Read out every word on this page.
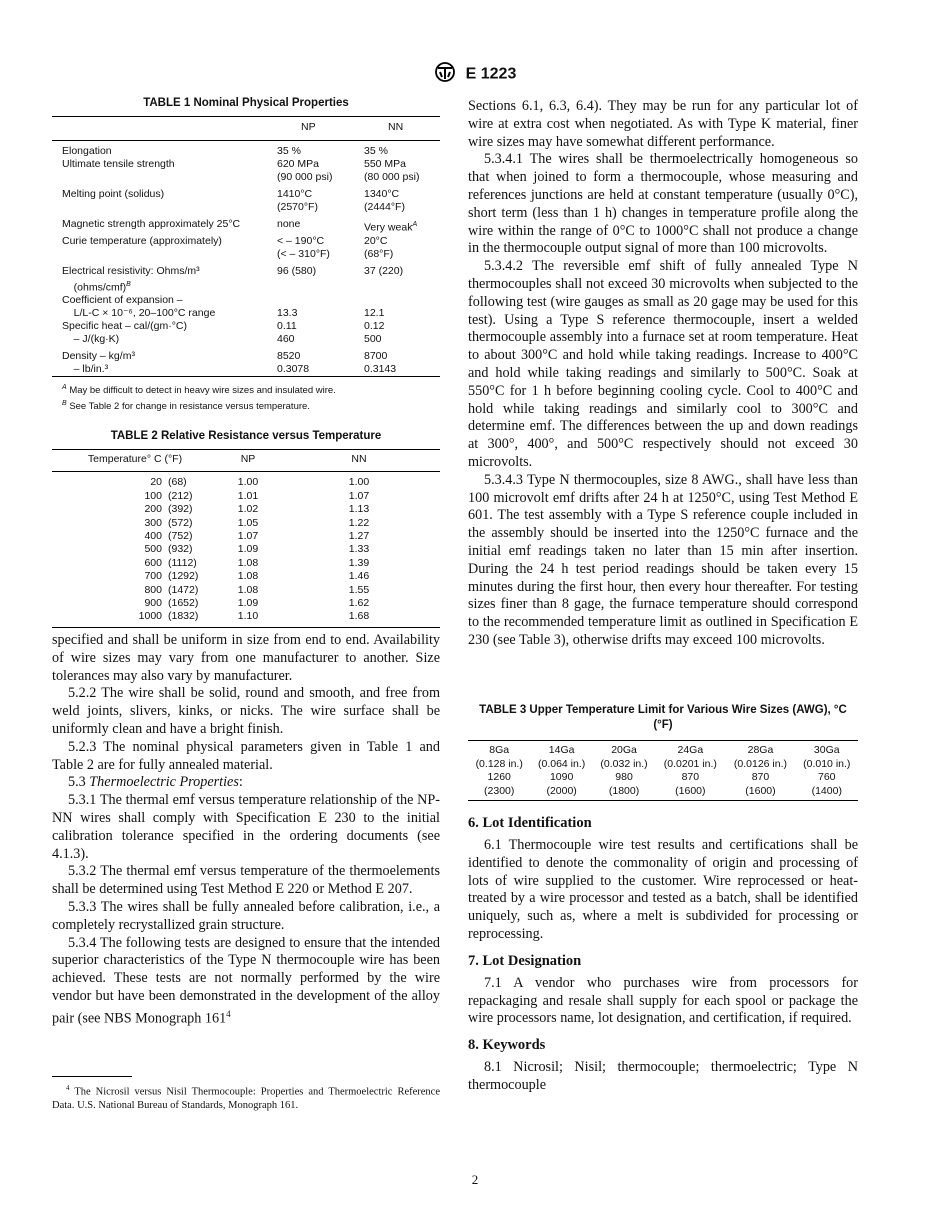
E 1223

TABLE 1 Nominal Physical Properties

	NP	NN
Elongation	35 %	35 %
Ultimate tensile strength	620 MPa	550 MPa
	(90 000 psi)	(80 000 psi)
Melting point (solidus)	1410°C	1340°C
	(2570°F)	(2444°F)
Magnetic strength approximately 25°C	none	Very weak$^A$
Curie temperature (approximately)	< – 190°C	20°C
	(< – 310°F)	(68°F)
Electrical resistivity: Ohms/m³	96 (580)	37 (220)
(ohms/cmf)$^B$		
Coefficient of expansion –		
L/L-C × 10⁻⁶, 20–100°C range	13.3	12.1
Specific heat – cal/(gm·°C)	0.11	0.12
– J/(kg·K)	460	500
Density – kg/m³	8520	8700
– lb/in.³	0.3078	0.3143
$^A$ May be difficult to detect in heavy wire sizes and insulated wire.
$^B$ See Table 2 for change in resistance versus temperature.

TABLE 2 Relative Resistance versus Temperature

Temperature° C (°F)		NP	NN
20	(68)	1.00	1.00
100	(212)	1.01	1.07
200	(392)	1.02	1.13
300	(572)	1.05	1.22
400	(752)	1.07	1.27
500	(932)	1.09	1.33
600	(1112)	1.08	1.39
700	(1292)	1.08	1.46
800	(1472)	1.08	1.55
900	(1652)	1.09	1.62
1000	(1832)	1.10	1.68

specified and shall be uniform in size from end to end. Availability of wire sizes may vary from one manufacturer to another. Size tolerances may also vary by manufacturer.

5.2.2 The wire shall be solid, round and smooth, and free from weld joints, slivers, kinks, or nicks. The wire surface shall be uniformly clean and have a bright finish.

5.2.3 The nominal physical parameters given in Table 1 and Table 2 are for fully annealed material.

5.3 Thermoelectric Properties:

5.3.1 The thermal emf versus temperature relationship of the NP-NN wires shall comply with Specification E 230 to the initial calibration tolerance specified in the ordering documents (see 4.1.3).

5.3.2 The thermal emf versus temperature of the thermoelements shall be determined using Test Method E 220 or Method E 207.

5.3.3 The wires shall be fully annealed before calibration, i.e., a completely recrystallized grain structure.

5.3.4 The following tests are designed to ensure that the intended superior characteristics of the Type N thermocouple wire has been achieved. These tests are not normally performed by the wire vendor but have been demonstrated in the development of the alloy pair (see NBS Monograph $161^4$

$^4$ The Nicrosil versus Nisil Thermocouple: Properties and Thermoelectric Reference Data. U.S. National Bureau of Standards, Monograph 161.

Sections 6.1, 6.3, 6.4). They may be run for any particular lot of wire at extra cost when negotiated. As with Type K material, finer wire sizes may have somewhat different performance.

5.3.4.1 The wires shall be thermoelectrically homogeneous so that when joined to form a thermocouple, whose measuring and references junctions are held at constant temperature (usually 0°C), short term (less than 1 h) changes in temperature profile along the wire within the range of 0°C to 1000°C shall not produce a change in the thermocouple output signal of more than 100 microvolts.

5.3.4.2 The reversible emf shift of fully annealed Type N thermocouples shall not exceed 30 microvolts when subjected to the following test (wire gauges as small as 20 gage may be used for this test). Using a Type S reference thermocouple, insert a welded thermocouple assembly into a furnace set at room temperature. Heat to about 300°C and hold while taking readings. Increase to 400°C and hold while taking readings and similarly to 500°C. Soak at 550°C for 1 h before beginning cooling cycle. Cool to 400°C and hold while taking readings and similarly cool to 300°C and determine emf. The differences between the up and down readings at 300°, 400°, and 500°C respectively should not exceed 30 microvolts.

5.3.4.3 Type N thermocouples, size 8 AWG., shall have less than 100 microvolt emf drifts after 24 h at 1250°C, using Test Method E 601. The test assembly with a Type S reference couple included in the assembly should be inserted into the 1250°C furnace and the initial emf readings taken no later than 15 min after insertion. During the 24 h test period readings should be taken every 15 minutes during the first hour, then every hour thereafter. For testing sizes finer than 8 gage, the furnace temperature should correspond to the recommended temperature limit as outlined in Specification E 230 (see Table 3), otherwise drifts may exceed 100 microvolts.

TABLE 3 Upper Temperature Limit for Various Wire Sizes (AWG), °C (°F)

8Ga	14Ga	20Ga	24Ga	28Ga	30Ga
(0.128 in.)	(0.064 in.)	(0.032 in.)	(0.0201 in.)	(0.0126 in.)	(0.010 in.)
1260	1090	980	870	870	760
(2300)	(2000)	(1800)	(1600)	(1600)	(1400)

6. Lot Identification

6.1 Thermocouple wire test results and certifications shall be identified to denote the commonality of origin and processing of lots of wire supplied to the customer. Wire reprocessed or heat-treated by a wire processor and tested as a batch, shall be identified uniquely, such as, where a melt is subdivided for processing or reprocessing.

7. Lot Designation

7.1 A vendor who purchases wire from processors for repackaging and resale shall supply for each spool or package the wire processors name, lot designation, and certification, if required.

8. Keywords

8.1 Nicrosil; Nisil; thermocouple; thermoelectric; Type N thermocouple

2
